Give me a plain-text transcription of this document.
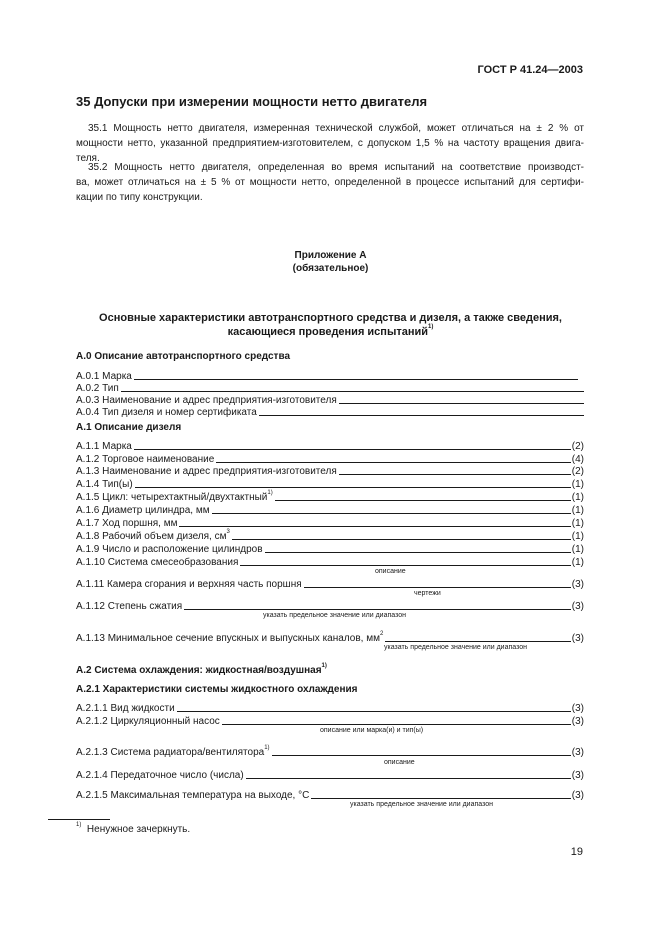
ГОСТ Р 41.24—2003
35 Допуски при измерении мощности нетто двигателя
35.1 Мощность нетто двигателя, измеренная технической службой, может отличаться на ± 2 % от
мощности нетто, указанной предприятием-изготовителем, с допуском 1,5 % на частоту вращения двига-
теля.
35.2 Мощность нетто двигателя, определенная во время испытаний на соответствие производст-
ва, может отличаться на ± 5 % от мощности нетто, определенной в процессе испытаний для сертифи-
кации по типу конструкции.
Приложение А
(обязательное)
Основные характеристики автотранспортного средства и дизеля, а также сведения,
касающиеся проведения испытаний$^{1)}$
А.0 Описание автотранспортного средства
А.0.1 Марка
А.0.2 Тип
А.0.3 Наименование и адрес предприятия-изготовителя
А.0.4 Тип дизеля и номер сертификата
А.1 Описание дизеля
А.1.1 Марка	(2)
А.1.2 Торговое наименование	(4)
А.1.3 Наименование и адрес предприятия-изготовителя	(2)
А.1.4 Тип(ы)	(1)
А.1.5 Цикл: четырехтактный/двухтактный$^{1)}$	(1)
А.1.6 Диаметр цилиндра, мм	(1)
А.1.7 Ход поршня, мм	(1)
А.1.8 Рабочий объем дизеля, $см^3$	(1)
А.1.9 Число и расположение цилиндров	(1)
А.1.10 Система смесеобразования	(1)
описание
А.1.11 Камера сгорания и верхняя часть поршня	(3)
чертежи
А.1.12 Степень сжатия	(3)
указать предельное значение или диапазон
А.1.13 Минимальное сечение впускных и выпускных каналов, $мм^2$	(3)
указать предельное значение или диапазон
А.2 Система охлаждения: жидкостная/воздушная$^{1)}$
А.2.1 Характеристики системы жидкостного охлаждения
А.2.1.1 Вид жидкости	(3)
А.2.1.2 Циркуляционный насос	(3)
описание или марка(и) и тип(ы)
А.2.1.3 Система радиатора/вентилятора$^{1)}$	(3)
описание
А.2.1.4 Передаточное число (числа)	(3)
А.2.1.5 Максимальная температура на выходе, °С	(3)
указать предельное значение или диапазон
$^{1)}$ Ненужное зачеркнуть.
19
